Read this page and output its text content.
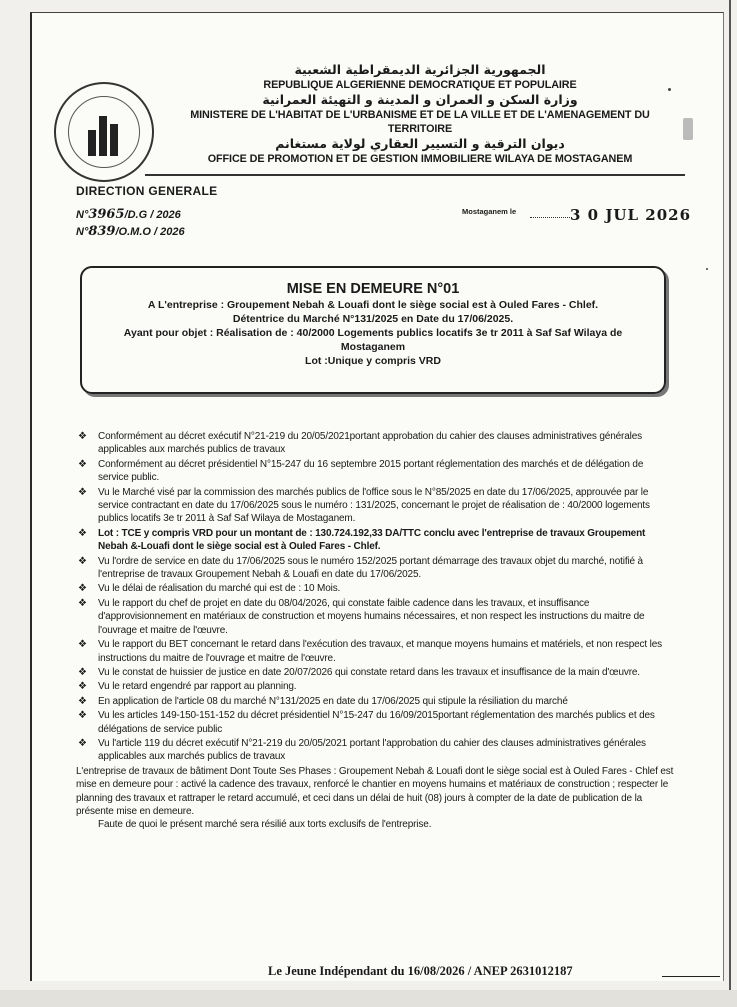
الجمهورية الجزائرية الديمقراطية الشعبية
REPUBLIQUE ALGERIENNE DEMOCRATIQUE ET POPULAIRE
وزارة السكن و العمران و المدينة و التهيئة العمرانية
MINISTERE DE L'HABITAT DE L'URBANISME ET DE LA VILLE ET DE L'AMENAGEMENT DU TERRITOIRE
ديوان الترقية و التسيير العقاري لولاية مستغانم
OFFICE DE PROMOTION ET DE GESTION IMMOBILIERE WILAYA DE MOSTAGANEM
DIRECTION GENERALE
N°3965/D.G / 2026
N°839/O.M.O / 2026
Mostaganem le	3 0 JUL 2026
MISE EN DEMEURE N°01
A L'entreprise : Groupement Nebah & Louafi dont le siège social est à Ouled Fares - Chlef.
Détentrice du Marché N°131/2025 en Date du 17/06/2025.
Ayant pour objet : Réalisation de : 40/2000 Logements publics locatifs 3e tr 2011 à Saf Saf Wilaya de Mostaganem
Lot :Unique y compris VRD
❖ Conformément au décret exécutif N°21-219 du 20/05/2021portant approbation du cahier des clauses administratives générales applicables aux marchés publics de travaux
❖ Conformément au décret présidentiel N°15-247 du 16 septembre 2015 portant réglementation des marchés et de délégation de service public.
❖ Vu le Marché visé par la commission des marchés publics de l'office sous le N°85/2025 en date du 17/06/2025, approuvée par le service contractant en date du 17/06/2025 sous le numéro : 131/2025, concernant le projet de réalisation de : 40/2000 logements publics locatifs 3e tr 2011 à Saf Saf Wilaya de Mostaganem.
❖ Lot : TCE y compris VRD pour un montant de : 130.724.192,33 DA/TTC conclu avec l'entreprise de travaux Groupement Nebah &-Louafi dont le siège social est à Ouled Fares - Chlef.
❖ Vu l'ordre de service en date du 17/06/2025 sous le numéro 152/2025 portant démarrage des travaux objet du marché, notifié à l'entreprise de travaux Groupement Nebah & Louafi en date du 17/06/2025.
❖ Vu le délai de réalisation du marché qui est de : 10 Mois.
❖ Vu le rapport du chef de projet en date du 08/04/2026, qui constate faible cadence dans les travaux, et insuffisance d'approvisionnement en matériaux de construction et moyens humains nécessaires, et non respect les instructions du maitre de l'ouvrage et maitre de l'œuvre.
❖ Vu le rapport du BET concernant le retard dans l'exécution des travaux, et manque moyens humains et matériels, et non respect les instructions du maitre de l'ouvrage et maitre de l'œuvre.
❖ Vu le constat de huissier de justice en date 20/07/2026 qui constate retard dans les travaux et insuffisance de la main d'œuvre.
❖ Vu le retard engendré par rapport au planning.
❖ En application de l'article 08 du marché N°131/2025 en date du 17/06/2025 qui stipule la résiliation du marché
❖ Vu les articles 149-150-151-152 du décret présidentiel N°15-247 du 16/09/2015portant réglementation des marchés publics et des délégations de service public
❖ Vu l'article 119 du décret exécutif N°21-219 du 20/05/2021 portant l'approbation du cahier des clauses administratives générales applicables aux marchés publics de travaux
L'entreprise de travaux de bâtiment Dont Toute Ses Phases : Groupement Nebah & Louafi dont le siège social est à Ouled Fares - Chlef est mise en demeure pour : activé la cadence des travaux, renforcé le chantier en moyens humains et matériaux de construction ; respecter le planning des travaux et rattraper le retard accumulé, et ceci dans un délai de huit (08) jours à compter de la date de publication de la présente mise en demeure.
Faute de quoi le présent marché sera résilié aux torts exclusifs de l'entreprise.
Le Jeune Indépendant du 16/08/2026 / ANEP 2631012187
